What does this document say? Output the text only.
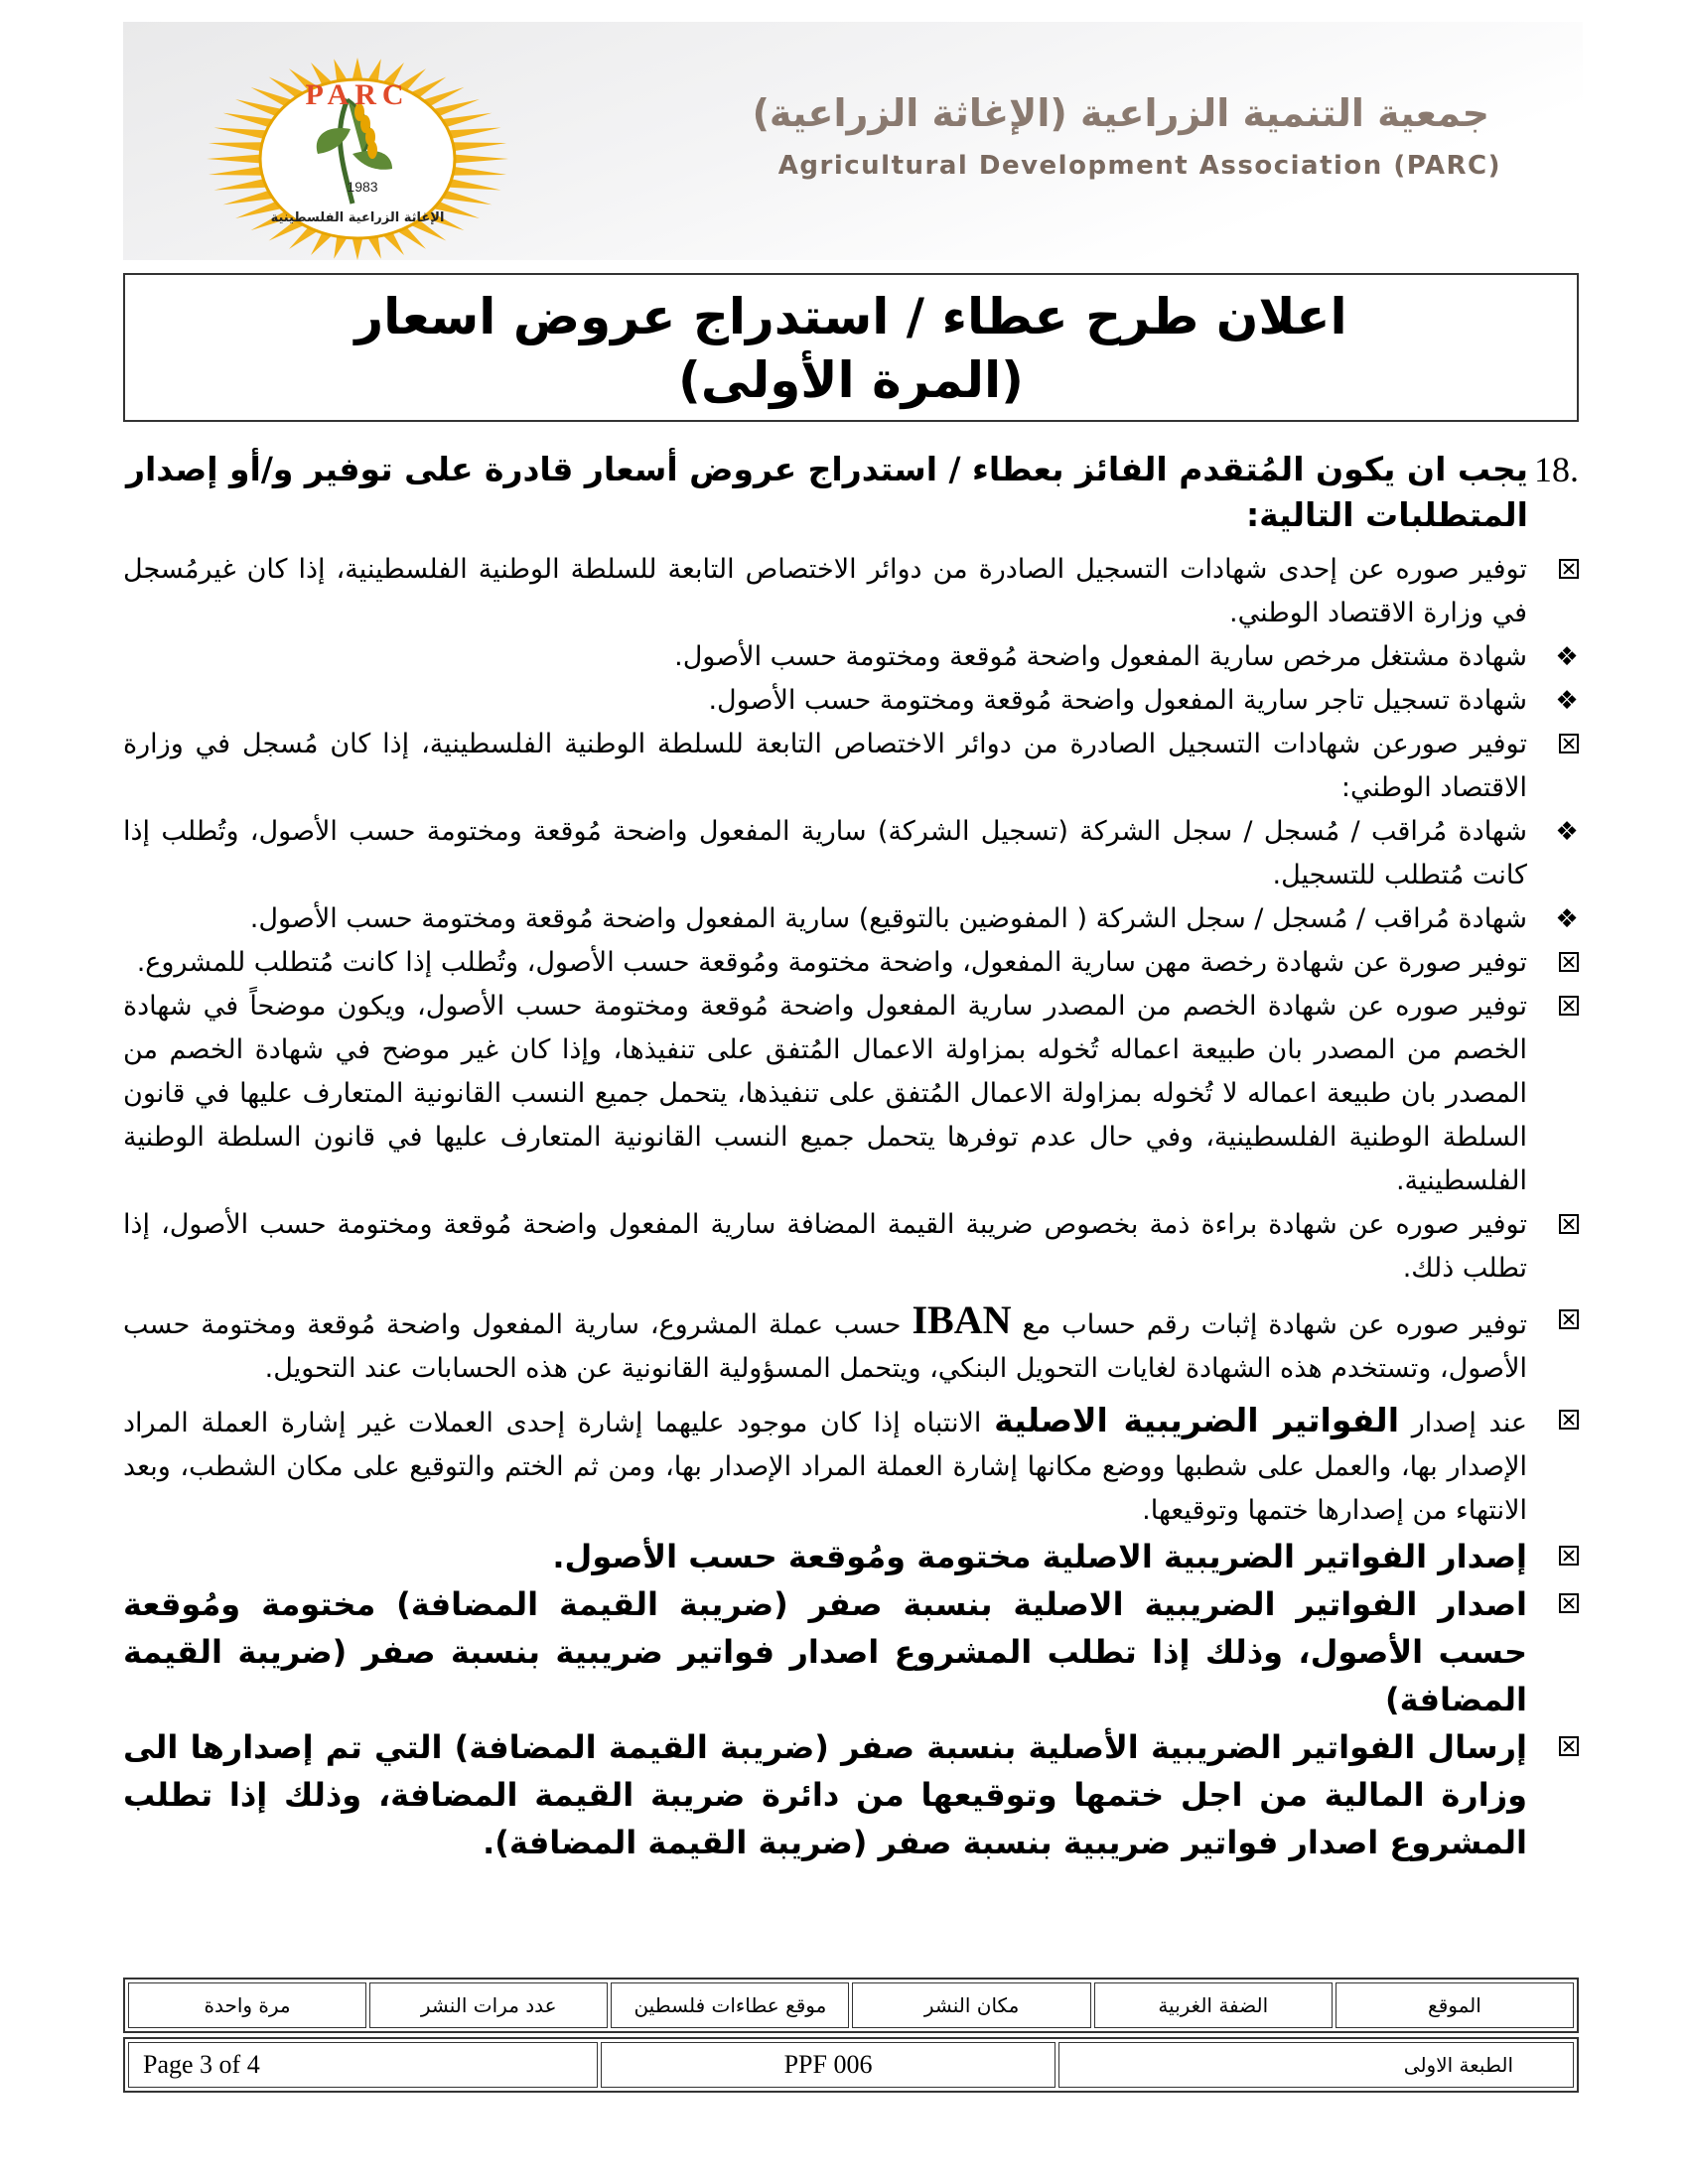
PARC
1983
الإغاثة الزراعية الفلسطينية
جمعية التنمية الزراعية (الإغاثة الزراعية)
Agricultural Development Association (PARC)
اعلان طرح عطاء / استدراج عروض اسعار
(المرة الأولى)
.18
يجب ان يكون المُتقدم الفائز بعطاء / استدراج عروض أسعار قادرة على توفير و/أو إصدار المتطلبات التالية:
توفير صوره عن إحدى شهادات التسجيل الصادرة من دوائر الاختصاص التابعة للسلطة الوطنية الفلسطينية، إذا كان غيرمُسجل في وزارة الاقتصاد الوطني.
❖
شهادة مشتغل مرخص سارية المفعول واضحة مُوقعة ومختومة حسب الأصول.
❖
شهادة تسجيل تاجر سارية المفعول واضحة مُوقعة ومختومة حسب الأصول.
توفير صورعن شهادات التسجيل الصادرة من دوائر الاختصاص التابعة للسلطة الوطنية الفلسطينية، إذا كان مُسجل في وزارة الاقتصاد الوطني:
❖
شهادة مُراقب / مُسجل / سجل الشركة (تسجيل الشركة) سارية المفعول واضحة مُوقعة ومختومة حسب الأصول، وتُطلب إذا كانت مُتطلب للتسجيل.
❖
شهادة مُراقب / مُسجل / سجل الشركة ( المفوضين بالتوقيع) سارية المفعول واضحة مُوقعة ومختومة حسب الأصول.
توفير صورة عن شهادة رخصة مهن سارية المفعول، واضحة مختومة ومُوقعة حسب الأصول، وتُطلب إذا كانت مُتطلب للمشروع.
توفير صوره عن شهادة الخصم من المصدر سارية المفعول واضحة مُوقعة ومختومة حسب الأصول، ويكون موضحاً في شهادة الخصم من المصدر بان طبيعة اعماله تُخوله بمزاولة الاعمال المُتفق على تنفيذها، وإذا كان غير موضح في شهادة الخصم من المصدر بان طبيعة اعماله لا تُخوله بمزاولة الاعمال المُتفق على تنفيذها، يتحمل جميع النسب القانونية المتعارف عليها في قانون السلطة الوطنية الفلسطينية، وفي حال عدم توفرها يتحمل جميع النسب القانونية المتعارف عليها في قانون السلطة الوطنية الفلسطينية.
توفير صوره عن شهادة براءة ذمة بخصوص ضريبة القيمة المضافة سارية المفعول واضحة مُوقعة ومختومة حسب الأصول، إذا تطلب ذلك.
توفير صوره عن شهادة إثبات رقم حساب مع IBAN حسب عملة المشروع، سارية المفعول واضحة مُوقعة ومختومة حسب الأصول، وتستخدم هذه الشهادة لغايات التحويل البنكي، ويتحمل المسؤولية القانونية عن هذه الحسابات عند التحويل.
عند إصدار الفواتير الضريبية الاصلية الانتباه إذا كان موجود عليهما إشارة إحدى العملات غير إشارة العملة المراد الإصدار بها، والعمل على شطبها ووضع مكانها إشارة العملة المراد الإصدار بها، ومن ثم الختم والتوقيع على مكان الشطب، وبعد الانتهاء من إصدارها ختمها وتوقيعها.
إصدار الفواتير الضريبية الاصلية مختومة ومُوقعة حسب الأصول.
اصدار الفواتير الضريبية الاصلية بنسبة صفر (ضريبة القيمة المضافة) مختومة ومُوقعة حسب الأصول، وذلك إذا تطلب المشروع اصدار فواتير ضريبية بنسبة صفر (ضريبة القيمة المضافة)
إرسال الفواتير الضريبية الأصلية بنسبة صفر (ضريبة القيمة المضافة) التي تم إصدارها الى وزارة المالية من اجل ختمها وتوقيعها من دائرة ضريبة القيمة المضافة، وذلك إذا تطلب المشروع اصدار فواتير ضريبية بنسبة صفر (ضريبة القيمة المضافة).
الموقع
الضفة الغربية
مكان النشر
موقع عطاءات فلسطين
عدد مرات النشر
مرة واحدة
Page 3 of 4	PPF 006	الطبعة الاولى
